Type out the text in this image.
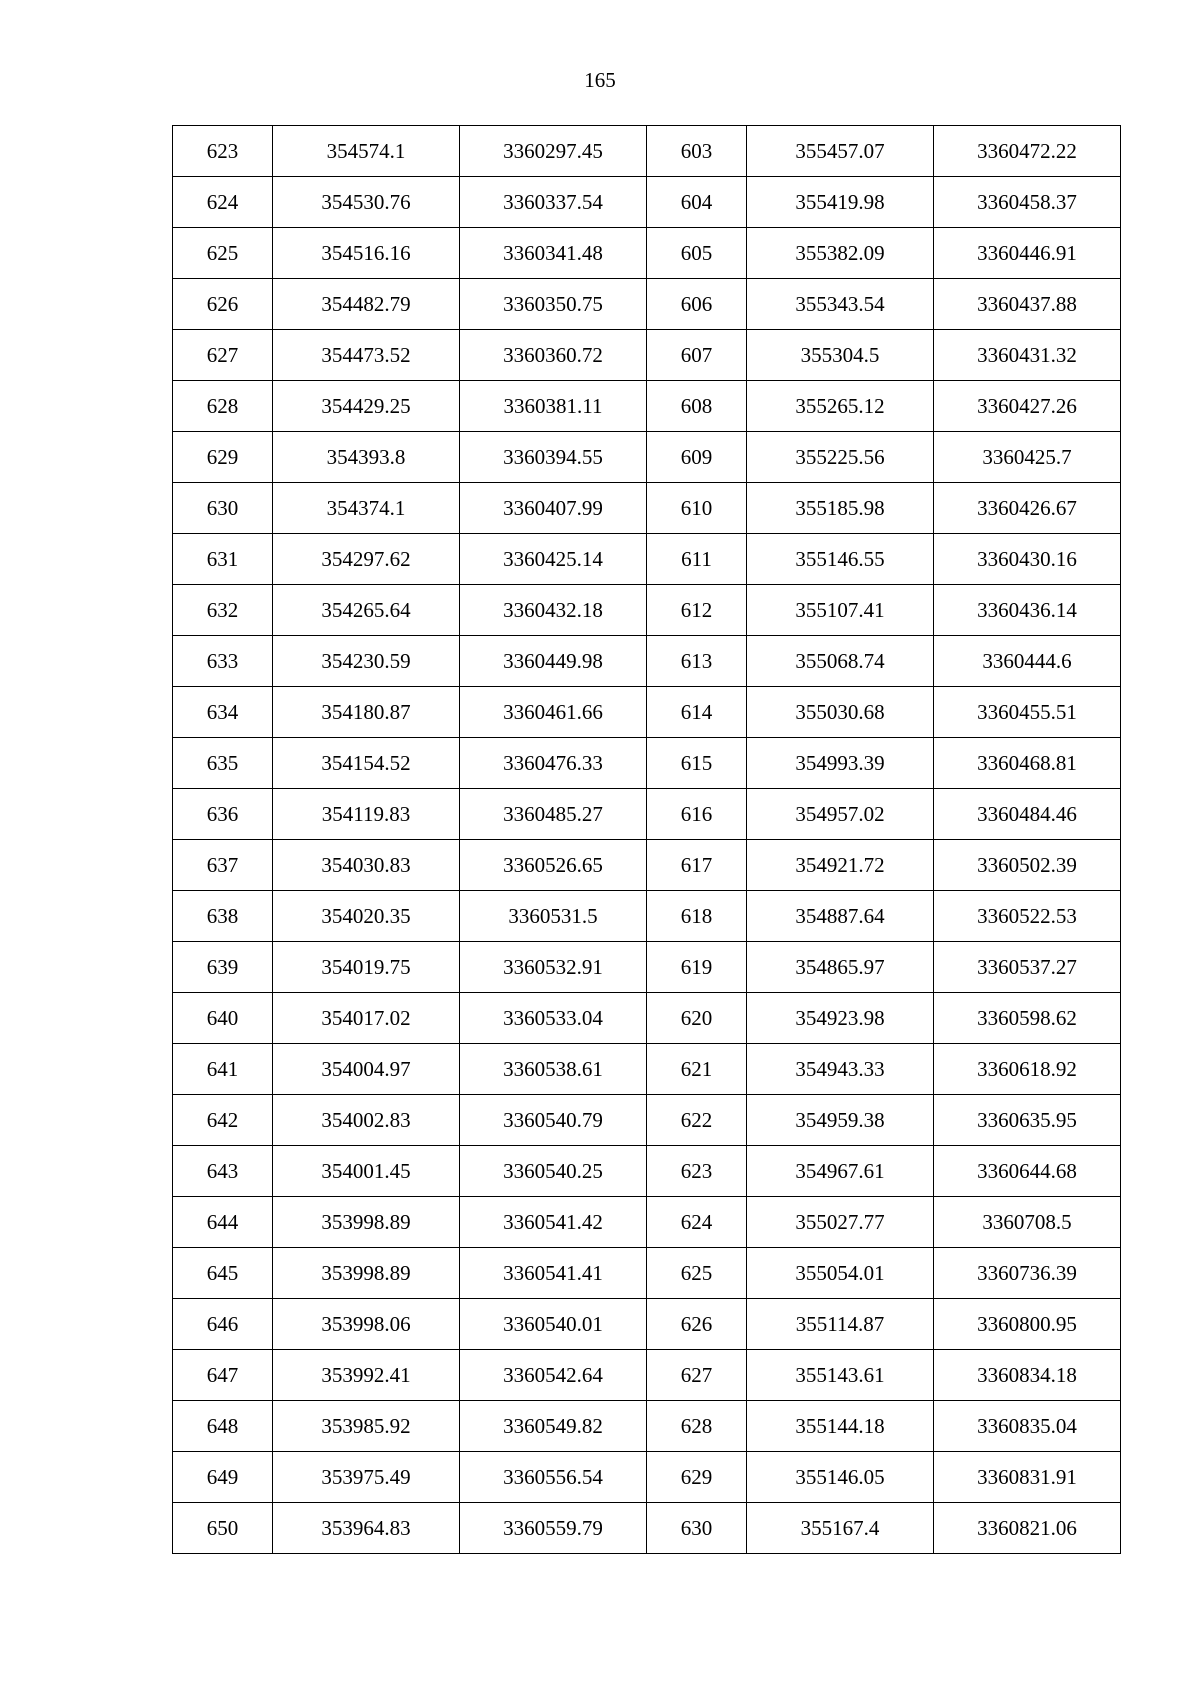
165
623	354574.1	3360297.45	603	355457.07	3360472.22
624	354530.76	3360337.54	604	355419.98	3360458.37
625	354516.16	3360341.48	605	355382.09	3360446.91
626	354482.79	3360350.75	606	355343.54	3360437.88
627	354473.52	3360360.72	607	355304.5	3360431.32
628	354429.25	3360381.11	608	355265.12	3360427.26
629	354393.8	3360394.55	609	355225.56	3360425.7
630	354374.1	3360407.99	610	355185.98	3360426.67
631	354297.62	3360425.14	611	355146.55	3360430.16
632	354265.64	3360432.18	612	355107.41	3360436.14
633	354230.59	3360449.98	613	355068.74	3360444.6
634	354180.87	3360461.66	614	355030.68	3360455.51
635	354154.52	3360476.33	615	354993.39	3360468.81
636	354119.83	3360485.27	616	354957.02	3360484.46
637	354030.83	3360526.65	617	354921.72	3360502.39
638	354020.35	3360531.5	618	354887.64	3360522.53
639	354019.75	3360532.91	619	354865.97	3360537.27
640	354017.02	3360533.04	620	354923.98	3360598.62
641	354004.97	3360538.61	621	354943.33	3360618.92
642	354002.83	3360540.79	622	354959.38	3360635.95
643	354001.45	3360540.25	623	354967.61	3360644.68
644	353998.89	3360541.42	624	355027.77	3360708.5
645	353998.89	3360541.41	625	355054.01	3360736.39
646	353998.06	3360540.01	626	355114.87	3360800.95
647	353992.41	3360542.64	627	355143.61	3360834.18
648	353985.92	3360549.82	628	355144.18	3360835.04
649	353975.49	3360556.54	629	355146.05	3360831.91
650	353964.83	3360559.79	630	355167.4	3360821.06
